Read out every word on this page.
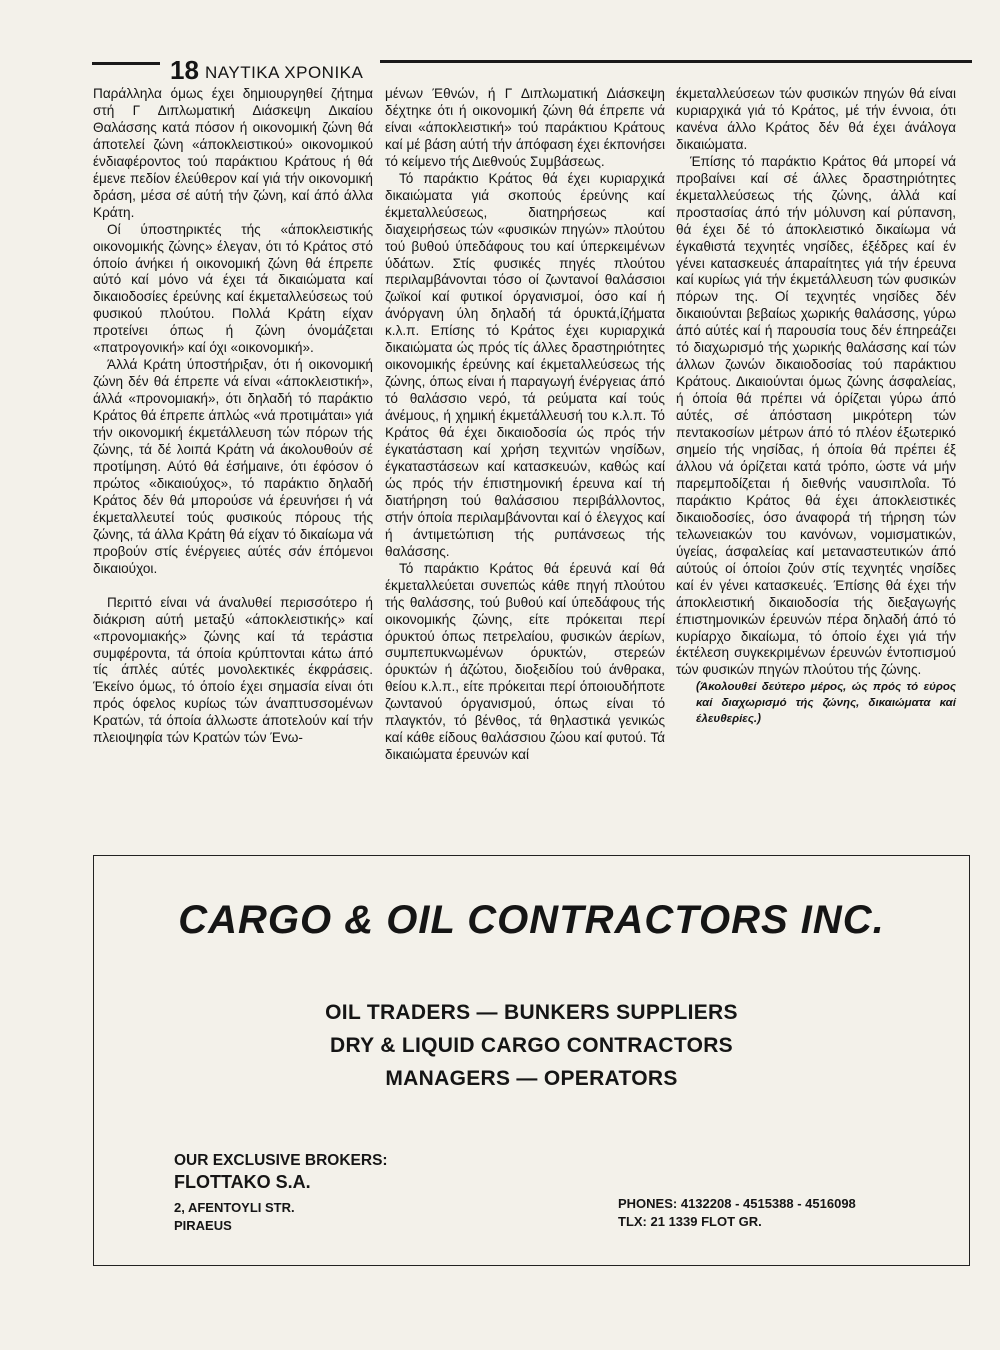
18 ΝΑΥΤΙΚΑ ΧΡΟΝΙΚΑ

Παράλληλα όμως έχει δημιουργηθεί ζήτημα στή Γ Διπλωματική Διάσκεψη Δικαίου Θαλάσσης κατά πόσον ή οικονομική ζώνη θά άποτελεί ζώνη «άποκλειστικού» οικονομικού ένδιαφέροντος τού παράκτιου Κράτους ή θά έμενε πεδίον έλεύθερον καί γιά τήν οικονομική δράση, μέσα σέ αύτή τήν ζώνη, καί άπό άλλα Κράτη.

Οί ύποστηρικτές τής «άποκλειστικής οικονομικής ζώνης» έλεγαν, ότι τό Κράτος στό όποίο άνήκει ή οικονομική ζώνη θά έπρεπε αύτό καί μόνο νά έχει τά δικαιώματα καί δικαιοδοσίες έρεύνης καί έκμεταλλεύσεως τού φυσικού πλούτου. Πολλά Κράτη είχαν προτείνει όπως ή ζώνη όνομάζεται «πατρογονική» καί όχι «οικονομική».

Άλλά Κράτη ύποστήριξαν, ότι ή οικονομική ζώνη δέν θά έπρεπε νά είναι «άποκλειστική», άλλά «προνομιακή», ότι δηλαδή τό παράκτιο Κράτος θά έπρεπε άπλώς «νά προτιμάται» γιά τήν οικονομική έκμετάλλευση τών πόρων τής ζώνης, τά δέ λοιπά Κράτη νά άκολουθούν σέ προτίμηση. Αύτό θά έσήμαινε, ότι έφόσον ό πρώτος «δικαιούχος», τό παράκτιο δηλαδή Κράτος δέν θά μπορούσε νά έρευνήσει ή νά έκμεταλλευτεί τούς φυσικούς πόρους τής ζώνης, τά άλλα Κράτη θά είχαν τό δικαίωμα νά προβούν στίς ένέργειες αύτές σάν έπόμενοι δικαιούχοι.

Περιττό είναι νά άναλυθεί περισσότερο ή διάκριση αύτή μεταξύ «άποκλειστικής» καί «προνομιακής» ζώνης καί τά τεράστια συμφέροντα, τά όποία κρύπτονται κάτω άπό τίς άπλές αύτές μονολεκτικές έκφράσεις. Έκείνο όμως, τό όποίο έχει σημασία είναι ότι πρός όφελος κυρίως τών άναπτυσσομένων Κρατών, τά όποία άλλωστε άποτελούν καί τήν πλειοψηφία τών Κρατών τών Ένω-

μένων Έθνών, ή Γ Διπλωματική Διάσκεψη δέχτηκε ότι ή οικονομική ζώνη θά έπρεπε νά είναι «άποκλειστική» τού παράκτιου Κράτους καί μέ βάση αύτή τήν άπόφαση έχει έκπονήσει τό κείμενο τής Διεθνούς Συμβάσεως.

Τό παράκτιο Κράτος θά έχει κυριαρχικά δικαιώματα γιά σκοπούς έρεύνης καί έκμεταλλεύσεως, διατηρήσεως καί διαχειρήσεως τών «φυσικών πηγών» πλούτου τού βυθού ύπεδάφους του καί ύπερκειμένων ύδάτων. Στίς φυσικές πηγές πλούτου περιλαμβάνονται τόσο οί ζωντανοί θαλάσσιοι ζωϊκοί καί φυτικοί όργανισμοί, όσο καί ή άνόργανη ύλη δηλαδή τά όρυκτά,ίζήματα κ.λ.π. Επίσης τό Κράτος έχει κυριαρχικά δικαιώματα ώς πρός τίς άλλες δραστηριότητες οικονομικής έρεύνης καί έκμεταλλεύσεως τής ζώνης, όπως είναι ή παραγωγή ένέργειας άπό τό θαλάσσιο νερό, τά ρεύματα καί τούς άνέμους, ή χημική έκμετάλλευσή του κ.λ.π. Τό Κράτος θά έχει δικαιοδοσία ώς πρός τήν έγκατάσταση καί χρήση τεχνιτών νησίδων, έγκαταστάσεων καί κατασκευών, καθώς καί ώς πρός τήν έπιστημονική έρευνα καί τή διατήρηση τού θαλάσσιου περιβάλλοντος, στήν όποία περιλαμβάνονται καί ό έλεγχος καί ή άντιμετώπιση τής ρυπάνσεως τής θαλάσσης.

Τό παράκτιο Κράτος θά έρευνά καί θά έκμεταλλεύεται συνεπώς κάθε πηγή πλούτου τής θαλάσσης, τού βυθού καί ύπεδάφους τής οικονομικής ζώνης, είτε πρόκειται περί όρυκτού όπως πετρελαίου, φυσικών άερίων, συμπεπυκνωμένων όρυκτών, στερεών όρυκτών ή άζώτου, διοξειδίου τού άνθρακα, θείου κ.λ.π., είτε πρόκειται περί όποιουδήποτε ζωντανού όργανισμού, όπως είναι τό πλαγκτόν, τό βένθος, τά θηλαστικά γενικώς καί κάθε είδους θαλάσσιου ζώου καί φυτού. Τά δικαιώματα έρευνών καί

έκμεταλλεύσεων τών φυσικών πηγών θά είναι κυριαρχικά γιά τό Κράτος, μέ τήν έννοια, ότι κανένα άλλο Κράτος δέν θά έχει άνάλογα δικαιώματα.

Έπίσης τό παράκτιο Κράτος θά μπορεί νά προβαίνει καί σέ άλλες δραστηριότητες έκμεταλλεύσεως τής ζώνης, άλλά καί προστασίας άπό τήν μόλυνση καί ρύπανση, θά έχει δέ τό άποκλειστικό δικαίωμα νά έγκαθιστά τεχνητές νησίδες, έξέδρες καί έν γένει κατασκευές άπαραίτητες γιά τήν έρευνα καί κυρίως γιά τήν έκμετάλλευση τών φυσικών πόρων της. Οί τεχνητές νησίδες δέν δικαιούνται βεβαίως χωρικής θαλάσσης, γύρω άπό αύτές καί ή παρουσία τους δέν έπηρεάζει τό διαχωρισμό τής χωρικής θαλάσσης καί τών άλλων ζωνών δικαιοδοσίας τού παράκτιου Κράτους. Δικαιούνται όμως ζώνης άσφαλείας, ή όποία θά πρέπει νά όρίζεται γύρω άπό αύτές, σέ άπόσταση μικρότερη τών πεντακοσίων μέτρων άπό τό πλέον έξωτερικό σημείο τής νησίδας, ή όποία θά πρέπει έξ άλλου νά όρίζεται κατά τρόπο, ώστε νά μήν παρεμποδίζεται ή διεθνής ναυσιπλοΐα. Τό παράκτιο Κράτος θά έχει άποκλειστικές δικαιοδοσίες, όσο άναφορά τή τήρηση τών τελωνειακών του κανόνων, νομισματικών, ύγείας, άσφαλείας καί μεταναστευτικών άπό αύτούς οί όποίοι ζούν στίς τεχνητές νησίδες καί έν γένει κατασκευές. Έπίσης θά έχει τήν άποκλειστική δικαιοδοσία τής διεξαγωγής έπιστημονικών έρευνών πέρα δηλαδή άπό τό κυρίαρχο δικαίωμα, τό όποίο έχει γιά τήν έκτέλεση συγκεκριμένων έρευνών έντοπισμού τών φυσικών πηγών πλούτου τής ζώνης.

(Άκολουθεί δεύτερο μέρος, ώς πρός τό εύρος καί διαχωρισμό τής ζώνης, δικαιώματα καί έλευθερίες.)

CARGO & OIL CONTRACTORS INC.
OIL TRADERS — BUNKERS SUPPLIERS
DRY & LIQUID CARGO CONTRACTORS
MANAGERS — OPERATORS
OUR EXCLUSIVE BROKERS:
FLOTTAKO S.A.
2, AFENTOYLI STR.
PIRAEUS
PHONES: 4132208 - 4515388 - 4516098
TLX: 21 1339 FLOT GR.
